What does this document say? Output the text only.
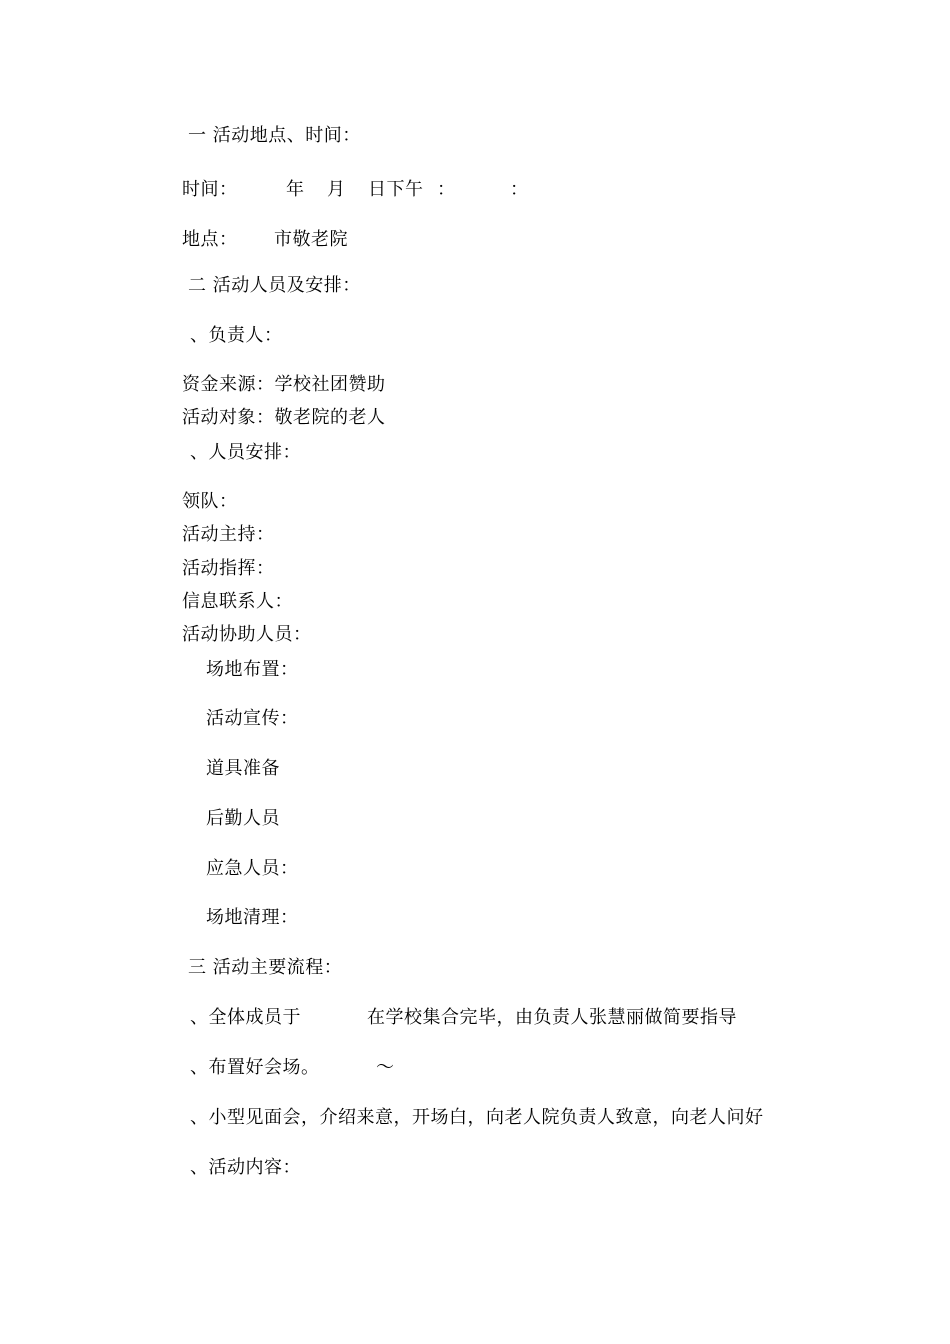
一 活动地点、时间：

时间：

	年

月

日下午

：

	：

地点：

市敬老院

二 活动人员及安排：
、负责人：
资金来源：学校社团赞助
活动对象：敬老院的老人
、人员安排：
领队：
活动主持：
活动指挥：
信息联系人：
活动协助人员：
场地布置：
活动宣传：
道具准备
后勤人员
应急人员：
场地清理：
三 活动主要流程：

、全体成员于

	在学校集合完毕，由负责人张慧丽做简要指导

、布置好会场。

	～

、小型见面会，介绍来意，开场白，向老人院负责人致意，向老人问好
、活动内容：
